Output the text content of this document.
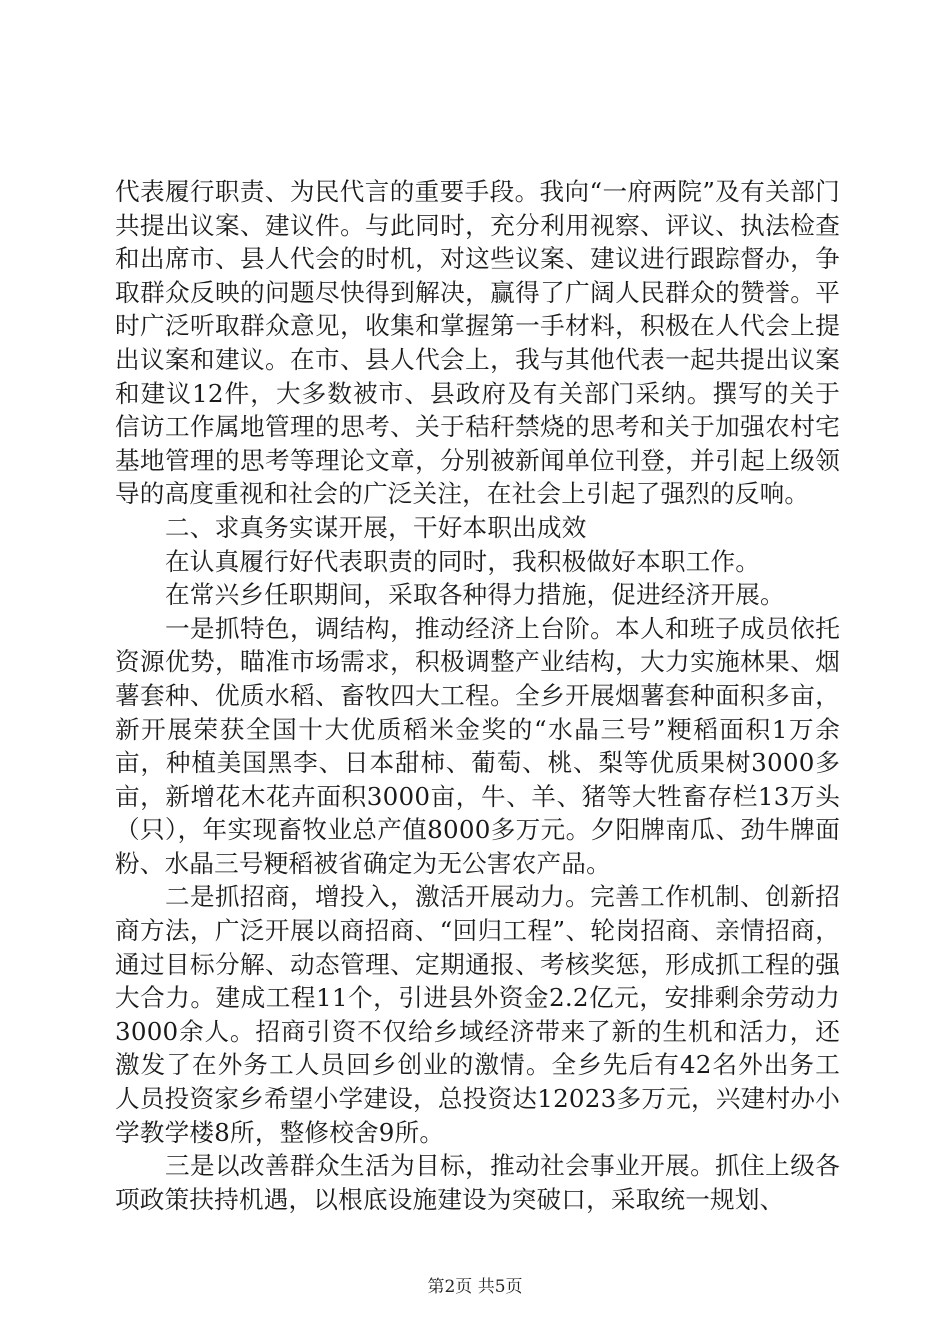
代表履行职责、为民代言的重要手段。我向“一府两院”及有关部门共提出议案、建议件。与此同时，充分利用视察、评议、执法检查和出席市、县人代会的时机，对这些议案、建议进行跟踪督办，争取群众反映的问题尽快得到解决，赢得了广阔人民群众的赞誉。平时广泛听取群众意见，收集和掌握第一手材料，积极在人代会上提出议案和建议。在市、县人代会上，我与其他代表一起共提出议案和建议12件，大多数被市、县政府及有关部门采纳。撰写的关于信访工作属地管理的思考、关于秸秆禁烧的思考和关于加强农村宅基地管理的思考等理论文章，分别被新闻单位刊登，并引起上级领导的高度重视和社会的广泛关注，在社会上引起了强烈的反响。

二、求真务实谋开展，干好本职出成效

在认真履行好代表职责的同时，我积极做好本职工作。

在常兴乡任职期间，采取各种得力措施，促进经济开展。

一是抓特色，调结构，推动经济上台阶。本人和班子成员依托资源优势，瞄准市场需求，积极调整产业结构，大力实施林果、烟薯套种、优质水稻、畜牧四大工程。全乡开展烟薯套种面积多亩，新开展荣获全国十大优质稻米金奖的“水晶三号”粳稻面积1万余亩，种植美国黑李、日本甜柿、葡萄、桃、梨等优质果树3000多亩，新增花木花卉面积3000亩，牛、羊、猪等大牲畜存栏13万头（只），年实现畜牧业总产值8000多万元。夕阳牌南瓜、劲牛牌面粉、水晶三号粳稻被省确定为无公害农产品。

二是抓招商，增投入，激活开展动力。完善工作机制、创新招商方法，广泛开展以商招商、“回归工程”、轮岗招商、亲情招商，通过目标分解、动态管理、定期通报、考核奖惩，形成抓工程的强大合力。建成工程11个，引进县外资金2.2亿元，安排剩余劳动力3000余人。招商引资不仅给乡域经济带来了新的生机和活力，还激发了在外务工人员回乡创业的激情。全乡先后有42名外出务工人员投资家乡希望小学建设，总投资达12023多万元，兴建村办小学教学楼8所，整修校舍9所。

三是以改善群众生活为目标，推动社会事业开展。抓住上级各项政策扶持机遇，以根底设施建设为突破口，采取统一规划、

第2页 共5页
